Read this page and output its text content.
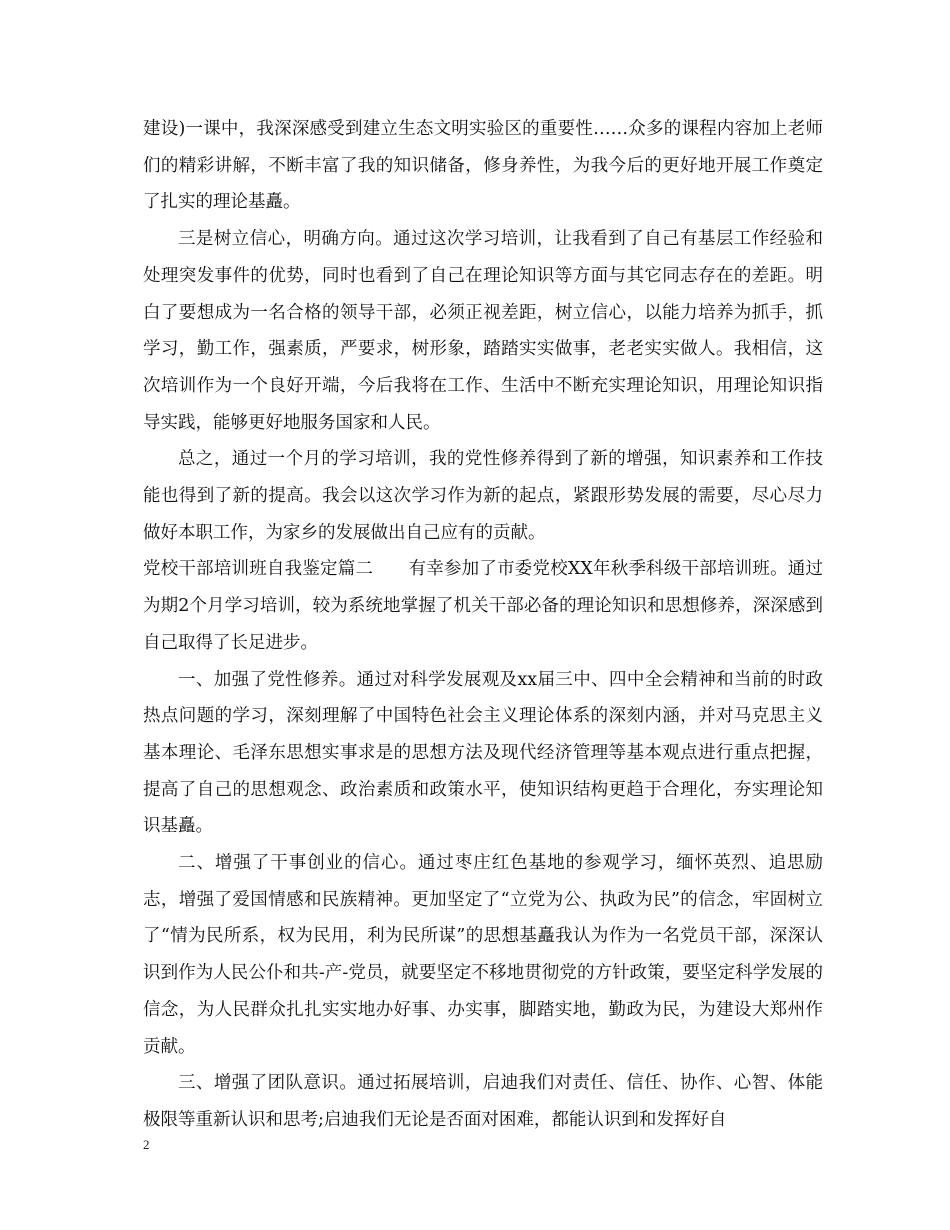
建设)一课中，我深深感受到建立生态文明实验区的重要性……众多的课程内容加上老师们的精彩讲解，不断丰富了我的知识储备，修身养性，为我今后的更好地开展工作奠定了扎实的理论基矗。

三是树立信心，明确方向。通过这次学习培训，让我看到了自己有基层工作经验和处理突发事件的优势，同时也看到了自己在理论知识等方面与其它同志存在的差距。明白了要想成为一名合格的领导干部，必须正视差距，树立信心，以能力培养为抓手，抓学习，勤工作，强素质，严要求，树形象，踏踏实实做事，老老实实做人。我相信，这次培训作为一个良好开端，今后我将在工作、生活中不断充实理论知识，用理论知识指导实践，能够更好地服务国家和人民。

总之，通过一个月的学习培训，我的党性修养得到了新的增强，知识素养和工作技能也得到了新的提高。我会以这次学习作为新的起点，紧跟形势发展的需要，尽心尽力做好本职工作，为家乡的发展做出自己应有的贡献。

党校干部培训班自我鉴定篇二　　有幸参加了市委党校XX年秋季科级干部培训班。通过为期2个月学习培训，较为系统地掌握了机关干部必备的理论知识和思想修养，深深感到自己取得了长足进步。

一、加强了党性修养。通过对科学发展观及xx届三中、四中全会精神和当前的时政热点问题的学习，深刻理解了中国特色社会主义理论体系的深刻内涵，并对马克思主义基本理论、毛泽东思想实事求是的思想方法及现代经济管理等基本观点进行重点把握，提高了自己的思想观念、政治素质和政策水平，使知识结构更趋于合理化，夯实理论知识基矗。

二、增强了干事创业的信心。通过枣庄红色基地的参观学习，缅怀英烈、追思励志，增强了爱国情感和民族精神。更加坚定了“立党为公、执政为民”的信念，牢固树立了“情为民所系，权为民用，利为民所谋”的思想基矗我认为作为一名党员干部，深深认识到作为人民公仆和共-产-党员，就要坚定不移地贯彻党的方针政策，要坚定科学发展的信念，为人民群众扎扎实实地办好事、办实事，脚踏实地，勤政为民，为建设大郑州作贡献。

三、增强了团队意识。通过拓展培训，启迪我们对责任、信任、协作、心智、体能极限等重新认识和思考;启迪我们无论是否面对困难，都能认识到和发挥好自

2
